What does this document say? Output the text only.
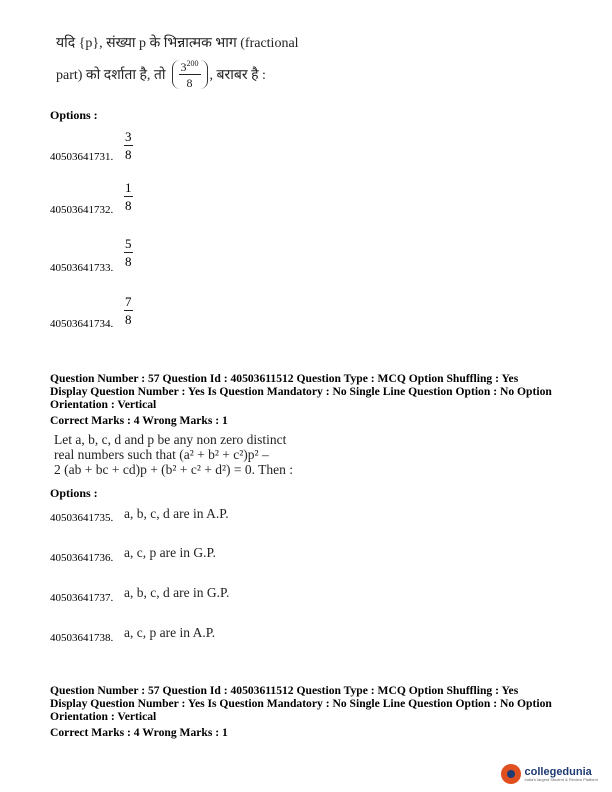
यदि {p}, संख्या p के भिन्नात्मक भाग (fractional
part) को दर्शाता है, तो $\frac{3^{200}}{8}$ , बराबर है :
Options :
$\frac{3}{8}$
40503641731.
$\frac{1}{8}$
40503641732.
$\frac{5}{8}$
40503641733.
$\frac{7}{8}$
40503641734.
Question Number : 57 Question Id : 40503611512 Question Type : MCQ Option Shuffling : Yes
Display Question Number : Yes Is Question Mandatory : No Single Line Question Option : No Option
Orientation : Vertical
Correct Marks : 4 Wrong Marks : 1
Let a, b, c, d and p be any non zero distinct
real numbers such that (a² + b² + c²)p² –
2 (ab + bc + cd)p + (b² + c² + d²) = 0. Then :
Options :
40503641735. a, b, c, d are in A.P.
40503641736. a, c, p are in G.P.
40503641737. a, b, c, d are in G.P.
40503641738. a, c, p are in A.P.
Question Number : 57 Question Id : 40503611512 Question Type : MCQ Option Shuffling : Yes
Display Question Number : Yes Is Question Mandatory : No Single Line Question Option : No Option
Orientation : Vertical
Correct Marks : 4 Wrong Marks : 1
collegedunia
India's largest Student & Review Platform
